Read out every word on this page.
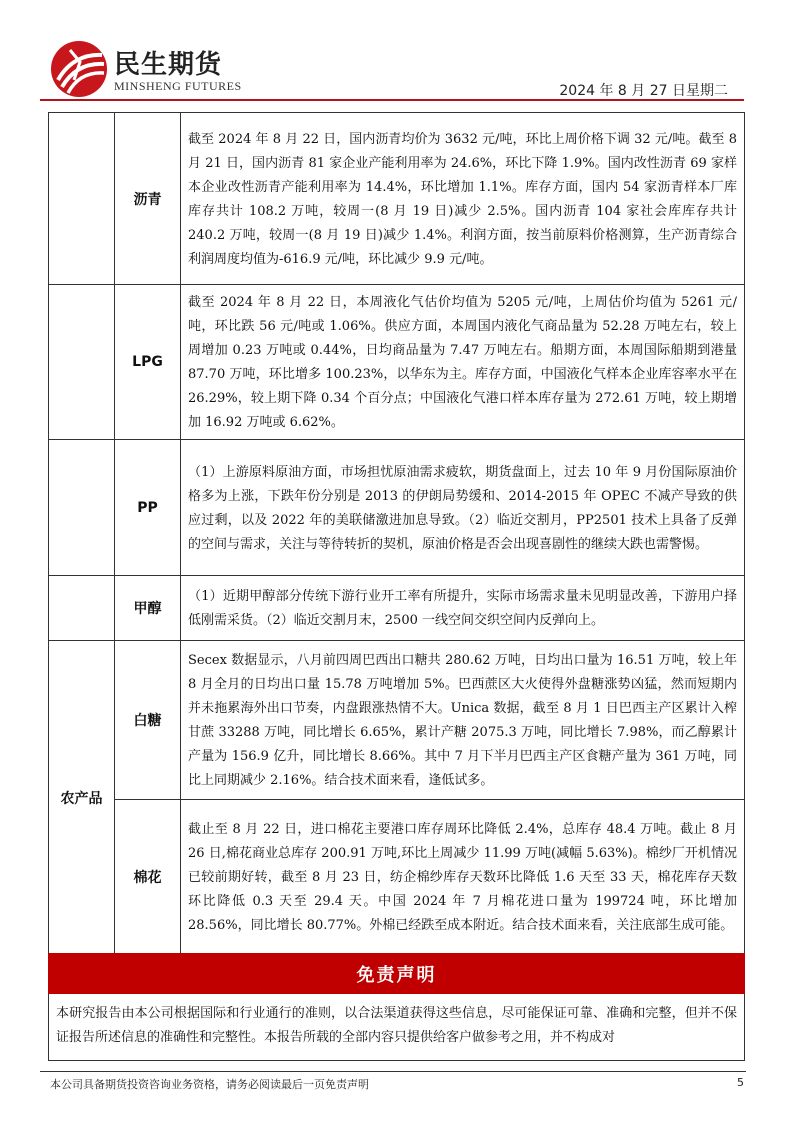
民生期货
MINSHENG FUTURES	2024 年 8 月 27 日星期二
	沥青	截至 2024 年 8 月 22 日，国内沥青均价为 3632 元/吨，环比上周价格下调 32 元/吨。截至 8 月 21 日，国内沥青 81 家企业产能利用率为 24.6%，环比下降 1.9%。国内改性沥青 69 家样本企业改性沥青产能利用率为 14.4%，环比增加 1.1%。库存方面，国内 54 家沥青样本厂库库存共计 108.2 万吨，较周一(8 月 19 日)减少 2.5%。国内沥青 104 家社会库库存共计 240.2 万吨，较周一(8 月 19 日)减少 1.4%。利润方面，按当前原料价格测算，生产沥青综合利润周度均值为-616.9 元/吨，环比减少 9.9 元/吨。
	LPG	截至 2024 年 8 月 22 日，本周液化气估价均值为 5205 元/吨，上周估价均值为 5261 元/吨，环比跌 56 元/吨或 1.06%。供应方面，本周国内液化气商品量为 52.28 万吨左右，较上周增加 0.23 万吨或 0.44%，日均商品量为 7.47 万吨左右。船期方面，本周国际船期到港量 87.70 万吨，环比增多 100.23%，以华东为主。库存方面，中国液化气样本企业库容率水平在 26.29%，较上期下降 0.34 个百分点；中国液化气港口样本库存量为 272.61 万吨，较上期增加 16.92 万吨或 6.62%。
	PP	（1）上游原料原油方面，市场担忧原油需求疲软，期货盘面上，过去 10 年 9 月份国际原油价格多为上涨，下跌年份分别是 2013 的伊朗局势缓和、2014-2015 年 OPEC 不减产导致的供应过剩，以及 2022 年的美联储激进加息导致。（2）临近交割月，PP2501 技术上具备了反弹的空间与需求，关注与等待转折的契机，原油价格是否会出现喜剧性的继续大跌也需警惕。
	甲醇	（1）近期甲醇部分传统下游行业开工率有所提升，实际市场需求量未见明显改善，下游用户择低刚需采货。（2）临近交割月末，2500 一线空间交织空间内反弹向上。
农产品	白糖	Secex 数据显示，八月前四周巴西出口糖共 280.62 万吨，日均出口量为 16.51 万吨，较上年 8 月全月的日均出口量 15.78 万吨增加 5%。巴西蔗区大火使得外盘糖涨势凶猛，然而短期内并未拖累海外出口节奏，内盘跟涨热情不大。Unica 数据，截至 8 月 1 日巴西主产区累计入榨甘蔗 33288 万吨，同比增长 6.65%，累计产糖 2075.3 万吨，同比增长 7.98%，而乙醇累计产量为 156.9 亿升，同比增长 8.66%。其中 7 月下半月巴西主产区食糖产量为 361 万吨，同比上同期减少 2.16%。结合技术面来看，逢低试多。
	棉花	截止至 8 月 22 日，进口棉花主要港口库存周环比降低 2.4%，总库存 48.4 万吨。截止 8 月 26 日,棉花商业总库存 200.91 万吨,环比上周减少 11.99 万吨(减幅 5.63%)。棉纱厂开机情况已较前期好转，截至 8 月 23 日，纺企棉纱库存天数环比降低 1.6 天至 33 天，棉花库存天数环比降低 0.3 天至 29.4 天。中国 2024 年 7 月棉花进口量为 199724 吨，环比增加 28.56%，同比增长 80.77%。外棉已经跌至成本附近。结合技术面来看，关注底部生成可能。
免责声明
本研究报告由本公司根据国际和行业通行的准则，以合法渠道获得这些信息，尽可能保证可靠、准确和完整，但并不保证报告所述信息的准确性和完整性。本报告所载的全部内容只提供给客户做参考之用，并不构成对
本公司具备期货投资咨询业务资格，请务必阅读最后一页免责声明	5
